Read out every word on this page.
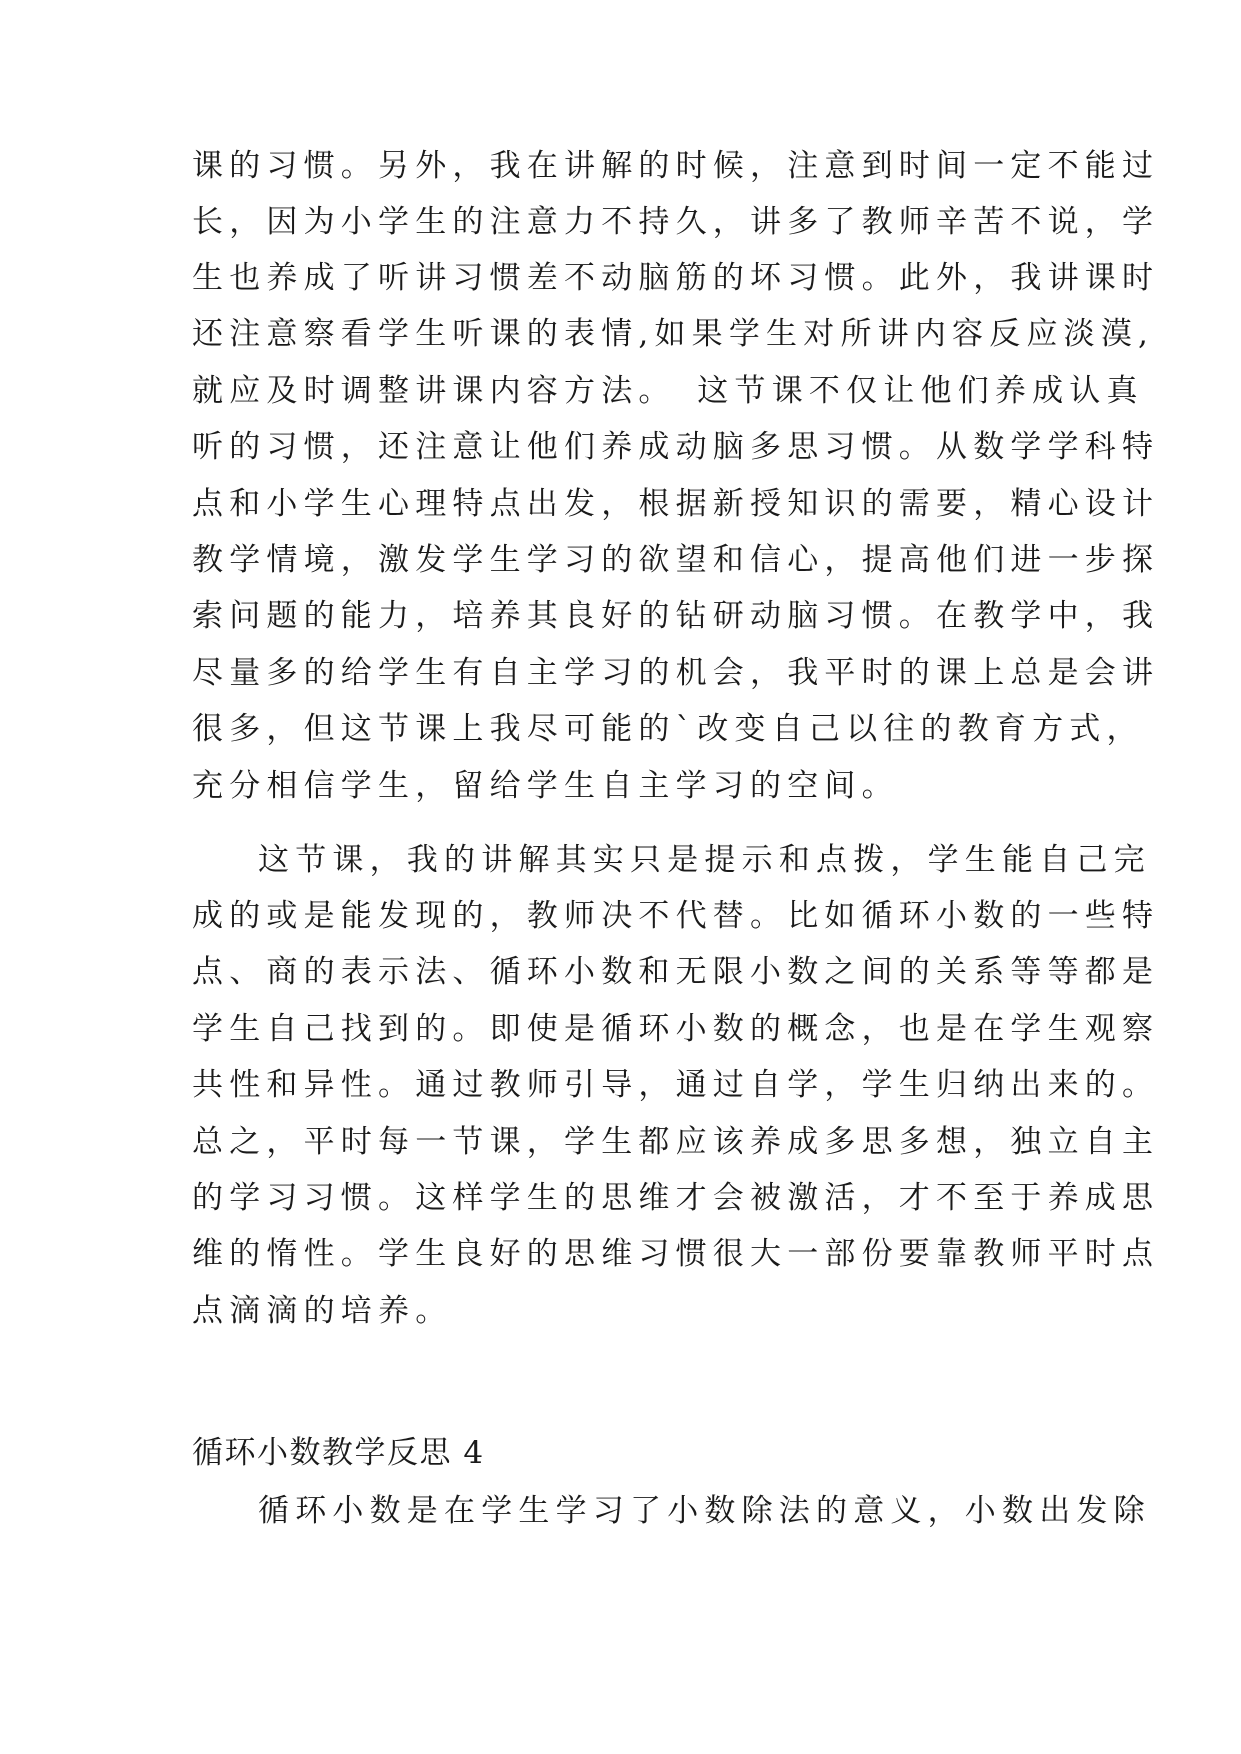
课的习惯。另外，我在讲解的时候，注意到时间一定不能过
长，因为小学生的注意力不持久，讲多了教师辛苦不说，学
生也养成了听讲习惯差不动脑筋的坏习惯。此外，我讲课时
还注意察看学生听课的表情,如果学生对所讲内容反应淡漠,
就应及时调整讲课内容方法。　这节课不仅让他们养成认真
听的习惯，还注意让他们养成动脑多思习惯。从数学学科特
点和小学生心理特点出发，根据新授知识的需要，精心设计
教学情境，激发学生学习的欲望和信心，提高他们进一步探
索问题的能力，培养其良好的钻研动脑习惯。在教学中，我
尽量多的给学生有自主学习的机会，我平时的课上总是会讲
很多，但这节课上我尽可能的`改变自己以往的教育方式，
充分相信学生，留给学生自主学习的空间。
这节课，我的讲解其实只是提示和点拨，学生能自己完
成的或是能发现的，教师决不代替。比如循环小数的一些特
点、商的表示法、循环小数和无限小数之间的关系等等都是
学生自己找到的。即使是循环小数的概念，也是在学生观察
共性和异性。通过教师引导，通过自学，学生归纳出来的。
总之，平时每一节课，学生都应该养成多思多想，独立自主
的学习习惯。这样学生的思维才会被激活，才不至于养成思
维的惰性。学生良好的思维习惯很大一部份要靠教师平时点
点滴滴的培养。
循环小数教学反思 4
循环小数是在学生学习了小数除法的意义，小数出发除
